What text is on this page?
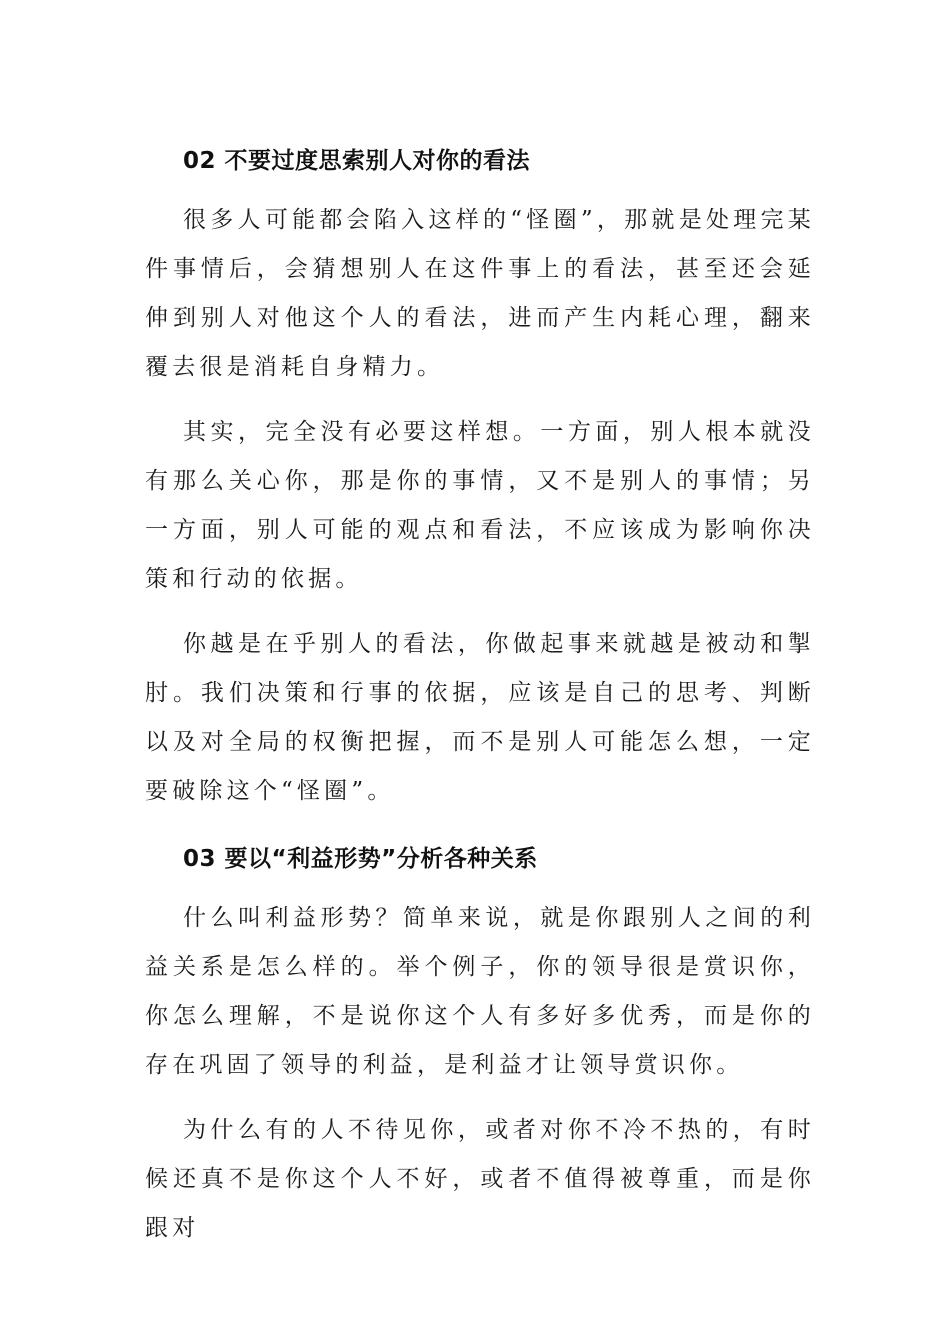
02 不要过度思索别人对你的看法

很多人可能都会陷入这样的“怪圈”，那就是处理完某件事情后，会猜想别人在这件事上的看法，甚至还会延伸到别人对他这个人的看法，进而产生内耗心理，翻来覆去很是消耗自身精力。

其实，完全没有必要这样想。一方面，别人根本就没有那么关心你，那是你的事情，又不是别人的事情；另一方面，别人可能的观点和看法，不应该成为影响你决策和行动的依据。

你越是在乎别人的看法，你做起事来就越是被动和掣肘。我们决策和行事的依据，应该是自己的思考、判断以及对全局的权衡把握，而不是别人可能怎么想，一定要破除这个“怪圈”。

03 要以“利益形势”分析各种关系

什么叫利益形势？简单来说，就是你跟别人之间的利益关系是怎么样的。举个例子，你的领导很是赏识你，你怎么理解，不是说你这个人有多好多优秀，而是你的存在巩固了领导的利益，是利益才让领导赏识你。

为什么有的人不待见你，或者对你不冷不热的，有时候还真不是你这个人不好，或者不值得被尊重，而是你跟对
